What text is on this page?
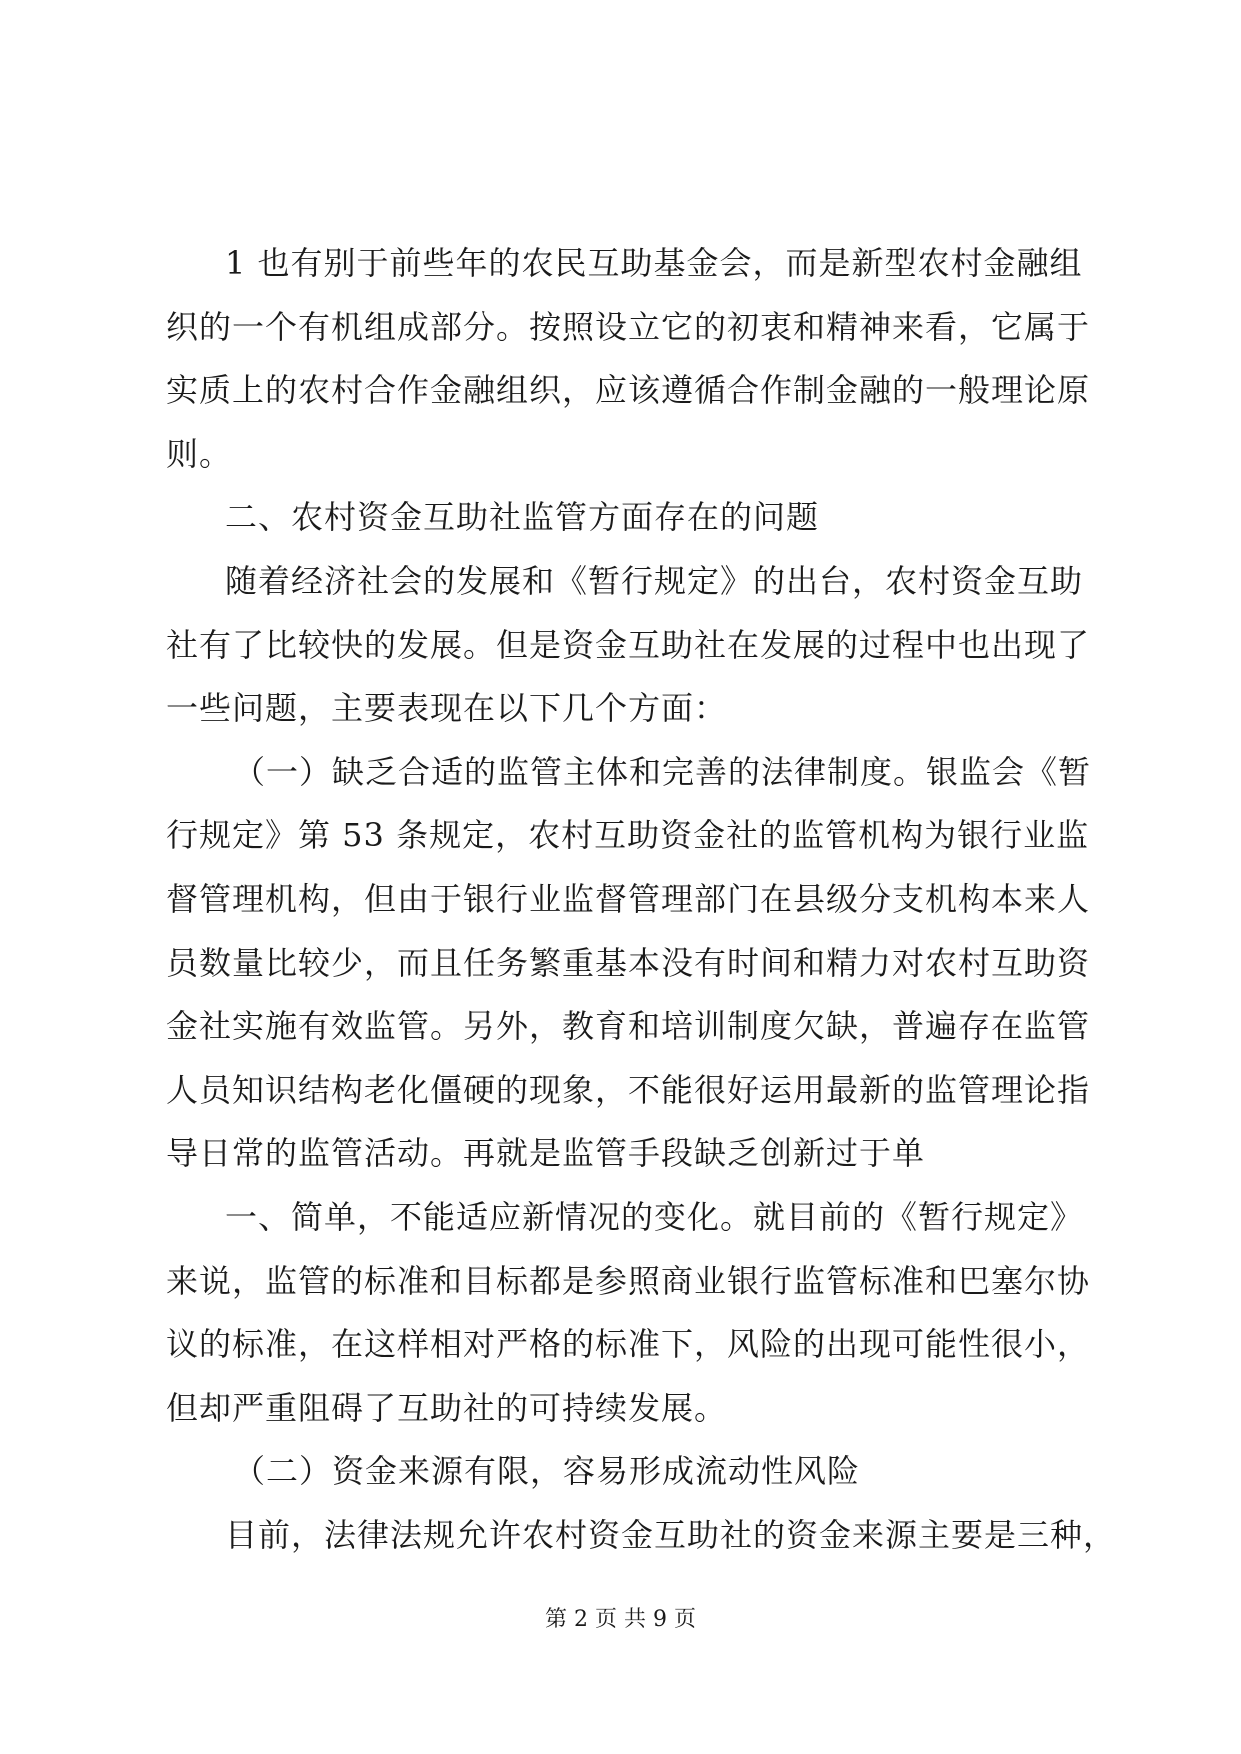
1 也有别于前些年的农民互助基金会，而是新型农村金融组
织的一个有机组成部分。按照设立它的初衷和精神来看，它属于
实质上的农村合作金融组织，应该遵循合作制金融的一般理论原
则。
二、农村资金互助社监管方面存在的问题
随着经济社会的发展和《暂行规定》的出台，农村资金互助
社有了比较快的发展。但是资金互助社在发展的过程中也出现了
一些问题，主要表现在以下几个方面：
（一）缺乏合适的监管主体和完善的法律制度。银监会《暂
行规定》第 53 条规定，农村互助资金社的监管机构为银行业监
督管理机构，但由于银行业监督管理部门在县级分支机构本来人
员数量比较少，而且任务繁重基本没有时间和精力对农村互助资
金社实施有效监管。另外，教育和培训制度欠缺，普遍存在监管
人员知识结构老化僵硬的现象，不能很好运用最新的监管理论指
导日常的监管活动。再就是监管手段缺乏创新过于单
一、简单，不能适应新情况的变化。就目前的《暂行规定》
来说，监管的标准和目标都是参照商业银行监管标准和巴塞尔协
议的标准，在这样相对严格的标准下，风险的出现可能性很小，
但却严重阻碍了互助社的可持续发展。
（二）资金来源有限，容易形成流动性风险
目前，法律法规允许农村资金互助社的资金来源主要是三种，
第 2 页 共 9 页
